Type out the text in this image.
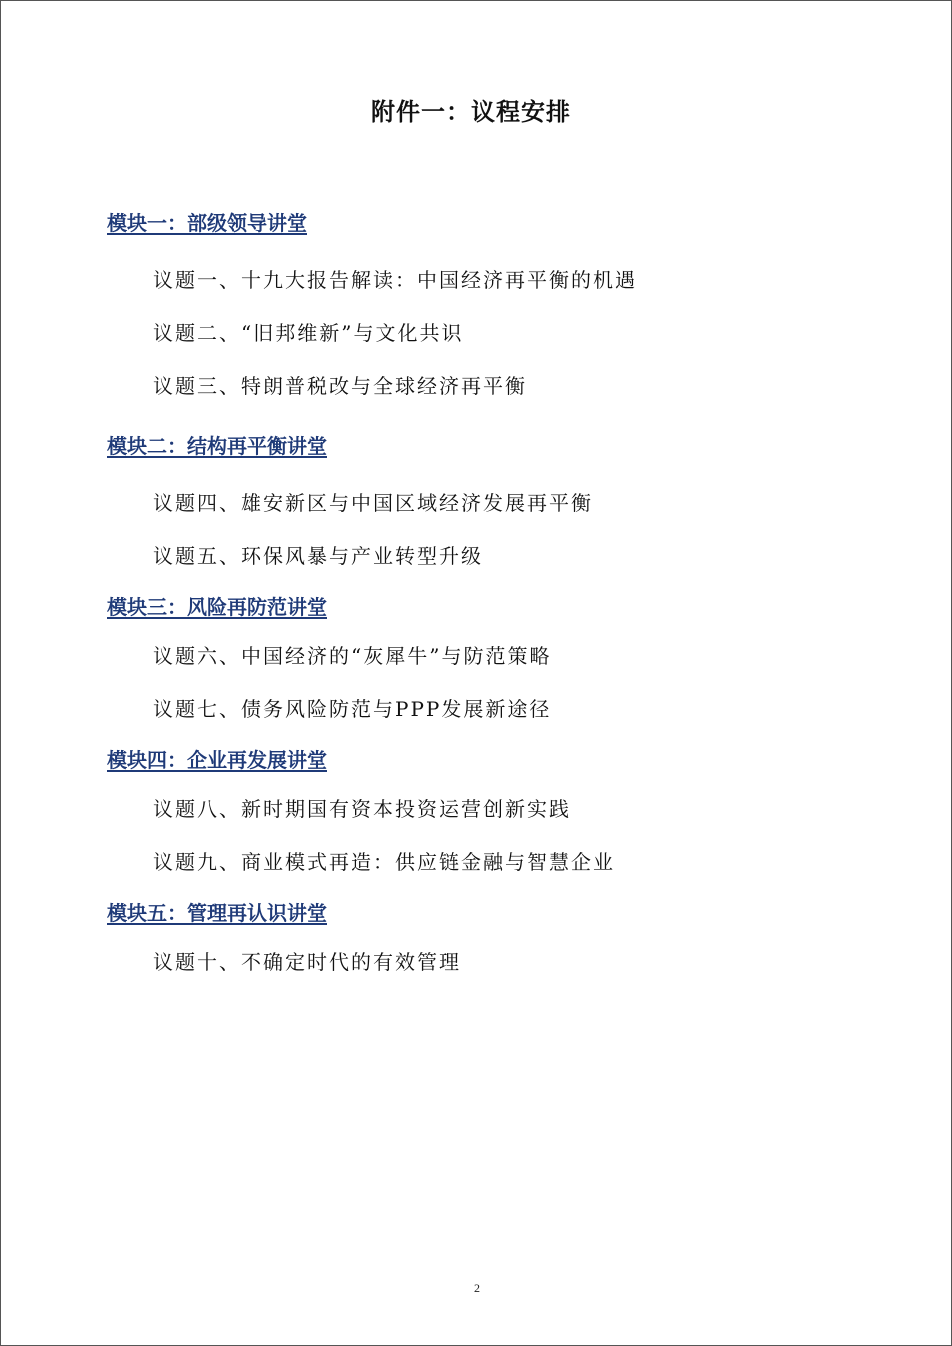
附件一：议程安排
模块一：部级领导讲堂
议题一、十九大报告解读：中国经济再平衡的机遇
议题二、“旧邦维新”与文化共识
议题三、特朗普税改与全球经济再平衡
模块二：结构再平衡讲堂
议题四、雄安新区与中国区域经济发展再平衡
议题五、环保风暴与产业转型升级
模块三：风险再防范讲堂
议题六、中国经济的“灰犀牛”与防范策略
议题七、债务风险防范与PPP发展新途径
模块四：企业再发展讲堂
议题八、新时期国有资本投资运营创新实践
议题九、商业模式再造：供应链金融与智慧企业
模块五：管理再认识讲堂
议题十、不确定时代的有效管理
2
